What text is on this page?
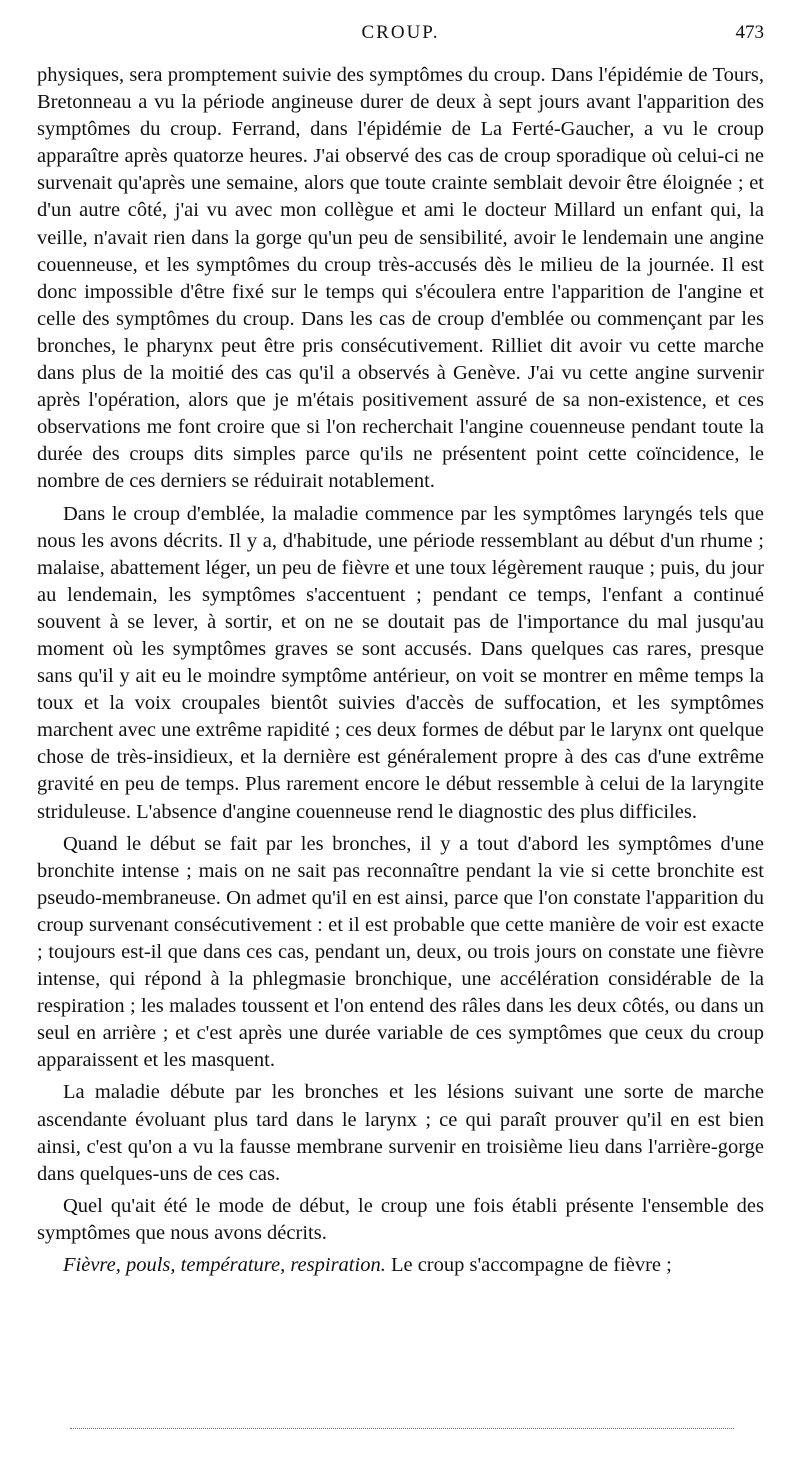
CROUP.	473

physiques, sera promptement suivie des symptômes du croup. Dans l'épidémie de Tours, Bretonneau a vu la période angineuse durer de deux à sept jours avant l'apparition des symptômes du croup. Ferrand, dans l'épidémie de La Ferté-Gaucher, a vu le croup apparaître après quatorze heures. J'ai observé des cas de croup sporadique où celui-ci ne survenait qu'après une semaine, alors que toute crainte semblait devoir être éloignée ; et d'un autre côté, j'ai vu avec mon collègue et ami le docteur Millard un enfant qui, la veille, n'avait rien dans la gorge qu'un peu de sensibilité, avoir le lendemain une angine couenneuse, et les symptômes du croup très-accusés dès le milieu de la journée. Il est donc impossible d'être fixé sur le temps qui s'écoulera entre l'apparition de l'angine et celle des symptômes du croup. Dans les cas de croup d'emblée ou commençant par les bronches, le pharynx peut être pris consécutivement. Rilliet dit avoir vu cette marche dans plus de la moitié des cas qu'il a observés à Genève. J'ai vu cette angine survenir après l'opération, alors que je m'étais positivement assuré de sa non-existence, et ces observations me font croire que si l'on recherchait l'angine couenneuse pendant toute la durée des croups dits simples parce qu'ils ne présentent point cette coïncidence, le nombre de ces derniers se réduirait notablement.

Dans le croup d'emblée, la maladie commence par les symptômes laryngés tels que nous les avons décrits. Il y a, d'habitude, une période ressemblant au début d'un rhume ; malaise, abattement léger, un peu de fièvre et une toux légèrement rauque ; puis, du jour au lendemain, les symptômes s'accentuent ; pendant ce temps, l'enfant a continué souvent à se lever, à sortir, et on ne se doutait pas de l'importance du mal jusqu'au moment où les symptômes graves se sont accusés. Dans quelques cas rares, presque sans qu'il y ait eu le moindre symptôme antérieur, on voit se montrer en même temps la toux et la voix croupales bientôt suivies d'accès de suffocation, et les symptômes marchent avec une extrême rapidité ; ces deux formes de début par le larynx ont quelque chose de très-insidieux, et la dernière est généralement propre à des cas d'une extrême gravité en peu de temps. Plus rarement encore le début ressemble à celui de la laryngite striduleuse. L'absence d'angine couenneuse rend le diagnostic des plus difficiles.

Quand le début se fait par les bronches, il y a tout d'abord les symptômes d'une bronchite intense ; mais on ne sait pas reconnaître pendant la vie si cette bronchite est pseudo-membraneuse. On admet qu'il en est ainsi, parce que l'on constate l'apparition du croup survenant consécutivement : et il est probable que cette manière de voir est exacte ; toujours est-il que dans ces cas, pendant un, deux, ou trois jours on constate une fièvre intense, qui répond à la phlegmasie bronchique, une accélération considérable de la respiration ; les malades toussent et l'on entend des râles dans les deux côtés, ou dans un seul en arrière ; et c'est après une durée variable de ces symptômes que ceux du croup apparaissent et les masquent.

La maladie débute par les bronches et les lésions suivant une sorte de marche ascendante évoluant plus tard dans le larynx ; ce qui paraît prouver qu'il en est bien ainsi, c'est qu'on a vu la fausse membrane survenir en troisième lieu dans l'arrière-gorge dans quelques-uns de ces cas.

Quel qu'ait été le mode de début, le croup une fois établi présente l'ensemble des symptômes que nous avons décrits.

Fièvre, pouls, température, respiration. Le croup s'accompagne de fièvre ;
